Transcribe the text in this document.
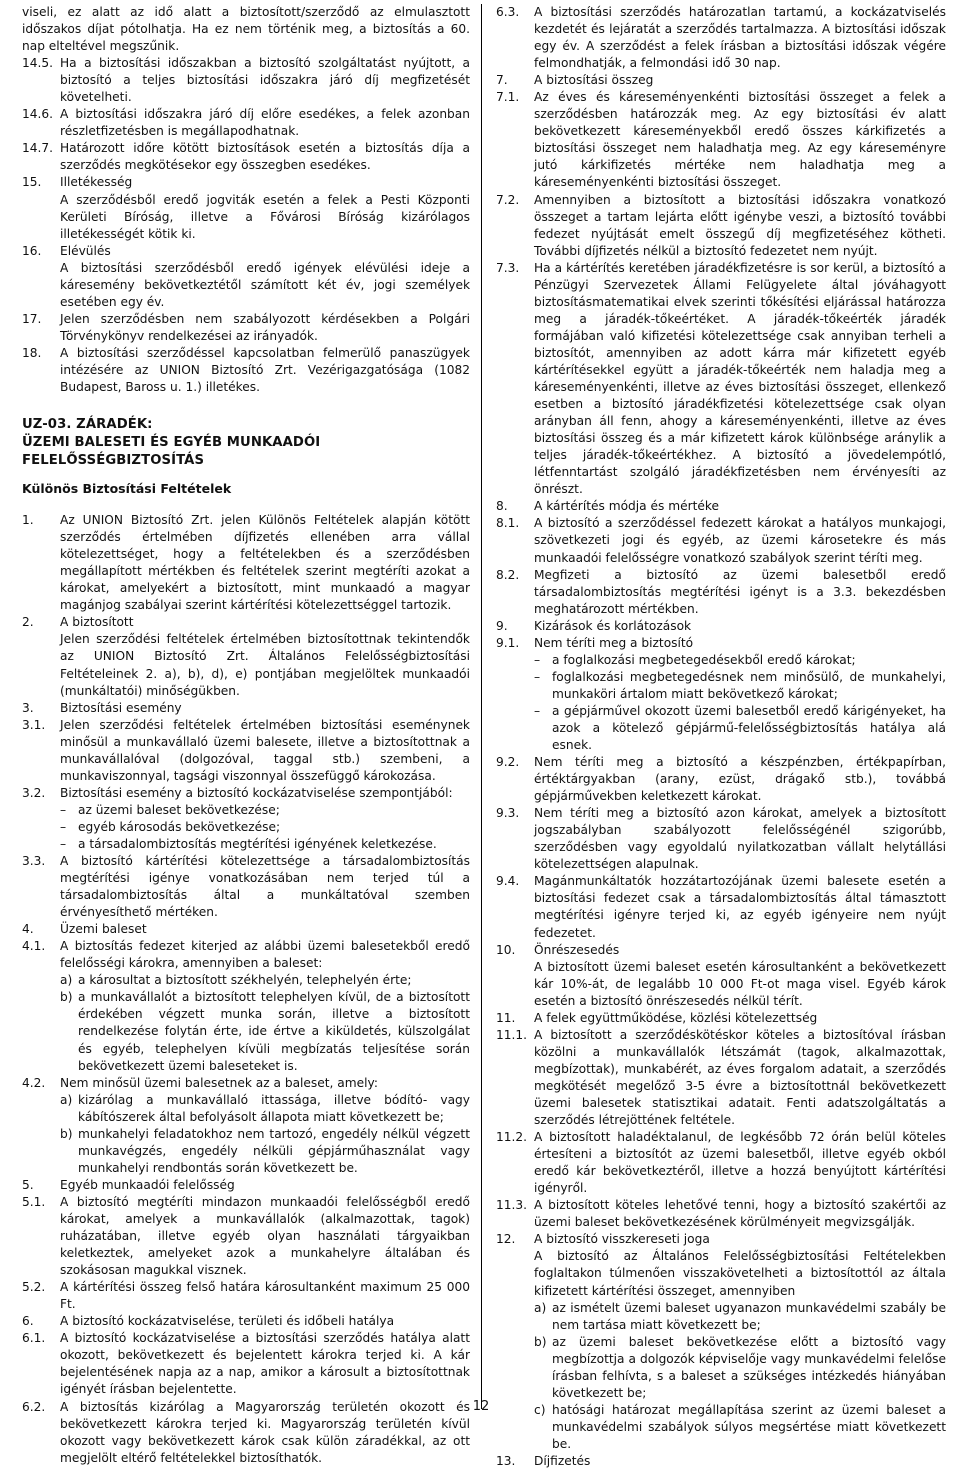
viseli, ez alatt az idő alatt a biztosított/szerződő az elmulasztott időszakos díjat pótolhatja. Ha ez nem történik meg, a biztosítás a 60. nap elteltével megszűnik.
14.5. Ha a biztosítási időszakban a biztosító szolgáltatást nyújtott, a biztosító a teljes biztosítási időszakra járó díj megfizetését követelheti.
14.6. A biztosítási időszakra járó díj előre esedékes, a felek azonban részletfizetésben is megállapodhatnak.
14.7. Határozott időre kötött biztosítások esetén a biztosítás díja a szerződés megkötésekor egy összegben esedékes.
15. Illetékesség
A szerződésből eredő jogviták esetén a felek a Pesti Központi Kerületi Bíróság, illetve a Fővárosi Bíróság kizárólagos illetékességét kötik ki.
16. Elévülés
A biztosítási szerződésből eredő igények elévülési ideje a káresemény bekövetkeztétől számított két év, jogi személyek esetében egy év.
17. Jelen szerződésben nem szabályozott kérdésekben a Polgári Törvénykönyv rendelkezései az irányadók.
18. A biztosítási szerződéssel kapcsolatban felmerülő panaszügyek intézésére az UNION Biztosító Zrt. Vezérigazgatósága (1082 Budapest, Baross u. 1.) illetékes.
UZ-03. ZÁRADÉK:
ÜZEMI BALESETI ÉS EGYÉB MUNKAADÓI FELELŐSSÉGBIZTOSÍTÁS
Különös Biztosítási Feltételek
1. Az UNION Biztosító Zrt. jelen Különös Feltételek alapján kötött szerződés értelmében díjfizetés ellenében arra vállal kötelezettséget, hogy a feltételekben és a szerződésben megállapított mértékben és feltételek szerint megtéríti azokat a károkat, amelyekért a biztosított, mint munkaadó a magyar magánjog szabályai szerint kártérítési kötelezettséggel tartozik.
2. A biztosított
Jelen szerződési feltételek értelmében biztosítottnak tekintendők az UNION Biztosító Zrt. Általános Felelősségbiztosítási Feltételeinek 2. a), b), d), e) pontjában megjelöltek munkaadói (munkáltatói) minőségükben.
3. Biztosítási esemény
3.1. Jelen szerződési feltételek értelmében biztosítási eseménynek minősül a munkavállaló üzemi balesete, illetve a biztosítottnak a munkavállalóval (dolgozóval, taggal stb.) szembeni, a munkaviszonnyal, tagsági viszonnyal összefüggő károkozása.
3.2. Biztosítási esemény a biztosító kockázatviselése szempontjából:
– az üzemi baleset bekövetkezése;
– egyéb károsodás bekövetkezése;
– a társadalombiztosítás megtérítési igényének keletkezése.
3.3. A biztosító kártérítési kötelezettsége a társadalombiztosítás megtérítési igénye vonatkozásában nem terjed túl a társadalombiztosítás által a munkáltatóval szemben érvényesíthető mértéken.
4. Üzemi baleset
4.1. A biztosítás fedezet kiterjed az alábbi üzemi balesetekből eredő felelősségi károkra, amennyiben a baleset:
a) a károsultat a biztosított székhelyén, telephelyén érte;
b) a munkavállalót a biztosított telephelyen kívül, de a biztosított érdekében végzett munka során, illetve a biztosított rendelkezése folytán érte, ide értve a kiküldetés, külszolgálat és egyéb, telephelyen kívüli megbízatás teljesítése során bekövetkezett üzemi baleseteket is.
4.2. Nem minősül üzemi balesetnek az a baleset, amely:
a) kizárólag a munkavállaló ittassága, illetve bódító- vagy kábítószerek által befolyásolt állapota miatt következett be;
b) munkahelyi feladatokhoz nem tartozó, engedély nélkül végzett munkavégzés, engedély nélküli gépjárműhasználat vagy munkahelyi rendbontás során következett be.
5. Egyéb munkaadói felelősség
5.1. A biztosító megtéríti mindazon munkaadói felelősségből eredő károkat, amelyek a munkavállalók (alkalmazottak, tagok) ruházatában, illetve egyéb olyan használati tárgyaikban keletkeztek, amelyeket azok a munkahelyre általában és szokásosan magukkal visznek.
5.2. A kártérítési összeg felső határa károsultanként maximum 25 000 Ft.
6. A biztosító kockázatviselése, területi és időbeli hatálya
6.1. A biztosító kockázatviselése a biztosítási szerződés hatálya alatt okozott, bekövetkezett és bejelentett károkra terjed ki. A kár bejelentésének napja az a nap, amikor a károsult a biztosítottnak igényét írásban bejelentette.
6.2. A biztosítás kizárólag a Magyarország területén okozott és bekövetkezett károkra terjed ki. Magyarország területén kívül okozott vagy bekövetkezett károk csak külön záradékkal, az ott megjelölt eltérő feltételekkel biztosíthatók.
6.3. A biztosítási szerződés határozatlan tartamú, a kockázatviselés kezdetét és lejáratát a szerződés tartalmazza. A biztosítási időszak egy év. A szerződést a felek írásban a biztosítási időszak végére felmondhatják, a felmondási idő 30 nap.
7. A biztosítási összeg
7.1. Az éves és káreseményenkénti biztosítási összeget a felek a szerződésben határozzák meg. Az egy biztosítási év alatt bekövetkezett káreseményekből eredő összes kárkifizetés a biztosítási összeget nem haladhatja meg. Az egy káreseményre jutó kárkifizetés mértéke nem haladhatja meg a káreseményenkénti biztosítási összeget.
7.2. Amennyiben a biztosított a biztosítási időszakra vonatkozó összeget a tartam lejárta előtt igénybe veszi, a biztosító további fedezet nyújtását emelt összegű díj megfizetéséhez kötheti. További díjfizetés nélkül a biztosító fedezetet nem nyújt.
7.3. Ha a kártérítés keretében járadékfizetésre is sor kerül, a biztosító a Pénzügyi Szervezetek Állami Felügyelete által jóváhagyott biztosításmatematikai elvek szerinti tőkésítési eljárással határozza meg a járadék-tőkeértéket. A járadék-tőkeérték járadék formájában való kifizetési kötelezettsége csak annyiban terheli a biztosítót, amennyiben az adott kárra már kifizetett egyéb kártérítésekkel együtt a járadék-tőkeérték nem haladja meg a káreseményenkénti, illetve az éves biztosítási összeget, ellenkező esetben a biztosító járadékfizetési kötelezettsége csak olyan arányban áll fenn, ahogy a káreseményenkénti, illetve az éves biztosítási összeg és a már kifizetett károk különbsége aránylik a teljes járadék-tőkeértékhez. A biztosító a jövedelempótló, létfenntartást szolgáló járadékfizetésben nem érvényesíti az önrészt.
8. A kártérítés módja és mértéke
8.1. A biztosító a szerződéssel fedezett károkat a hatályos munkajogi, szövetkezeti jogi és egyéb, az üzemi károsetekre és más munkaadói felelősségre vonatkozó szabályok szerint téríti meg.
8.2. Megfizeti a biztosító az üzemi balesetből eredő társadalombiztosítás megtérítési igényt is a 3.3. bekezdésben meghatározott mértékben.
9. Kizárások és korlátozások
9.1. Nem téríti meg a biztosító
– a foglalkozási megbetegedésekből eredő károkat;
– foglalkozási megbetegedésnek nem minősülő, de munkahelyi, munkaköri ártalom miatt bekövetkező károkat;
– a gépjárművel okozott üzemi balesetből eredő kárigényeket, ha azok a kötelező gépjármű-felelősségbiztosítás hatálya alá esnek.
9.2. Nem téríti meg a biztosító a készpénzben, értékpapírban, értéktárgyakban (arany, ezüst, drágakő stb.), továbbá gépjárművekben keletkezett károkat.
9.3. Nem téríti meg a biztosító azon károkat, amelyek a biztosított jogszabályban szabályozott felelősségénél szigorúbb, szerződésben vagy egyoldalú nyilatkozatban vállalt helytállási kötelezettségen alapulnak.
9.4. Magánmunkáltatók hozzátartozójának üzemi balesete esetén a biztosítási fedezet csak a társadalombiztosítás által támasztott megtérítési igényre terjed ki, az egyéb igényeire nem nyújt fedezetet.
10. Önrészesedés
A biztosított üzemi baleset esetén károsultanként a bekövetkezett kár 10%-át, de legalább 10 000 Ft-ot maga visel. Egyéb károk esetén a biztosító önrészesedés nélkül térít.
11. A felek együttműködése, közlési kötelezettség
11.1. A biztosított a szerződéskötéskor köteles a biztosítóval írásban közölni a munkavállalók létszámát (tagok, alkalmazottak, megbízottak), munkabérét, az éves forgalom adatait, a szerződés megkötését megelőző 3-5 évre a biztosítottnál bekövetkezett üzemi balesetek statisztikai adatait. Fenti adatszolgáltatás a szerződés létrejöttének feltétele.
11.2. A biztosított haladéktalanul, de legkésőbb 72 órán belül köteles értesíteni a biztosítót az üzemi balesetből, illetve egyéb okból eredő kár bekövetkeztéről, illetve a hozzá benyújtott kártérítési igényről.
11.3. A biztosított köteles lehetővé tenni, hogy a biztosító szakértői az üzemi baleset bekövetkezésének körülményeit megvizsgálják.
12. A biztosító visszkereseti joga
A biztosító az Általános Felelősségbiztosítási Feltételekben foglaltakon túlmenően visszakövetelheti a biztosítottól az általa kifizetett kártérítési összeget, amennyiben
a) az ismételt üzemi baleset ugyanazon munkavédelmi szabály be nem tartása miatt következett be;
b) az üzemi baleset bekövetkezése előtt a biztosító vagy megbízottja a dolgozók képviselője vagy munkavédelmi felelőse írásban felhívta, s a baleset a szükséges intézkedés hiányában következett be;
c) hatósági határozat megállapítása szerint az üzemi baleset a munkavédelmi szabályok súlyos megsértése miatt következett be.
13. Díjfizetés
12
